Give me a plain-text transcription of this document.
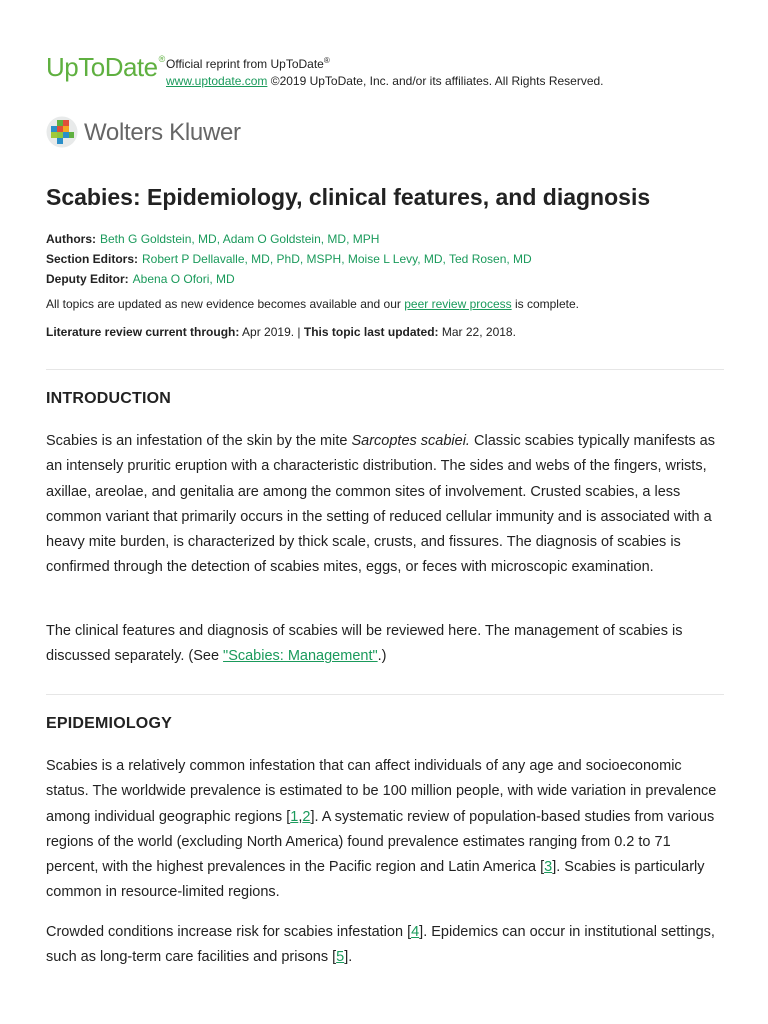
UpToDate® Official reprint from UpToDate®
www.uptodate.com ©2019 UpToDate, Inc. and/or its affiliates. All Rights Reserved.
Wolters Kluwer
Scabies: Epidemiology, clinical features, and diagnosis
Authors: Beth G Goldstein, MD, Adam O Goldstein, MD, MPH
Section Editors: Robert P Dellavalle, MD, PhD, MSPH, Moise L Levy, MD, Ted Rosen, MD
Deputy Editor: Abena O Ofori, MD
All topics are updated as new evidence becomes available and our peer review process is complete.
Literature review current through: Apr 2019. | This topic last updated: Mar 22, 2018.
INTRODUCTION

Scabies is an infestation of the skin by the mite Sarcoptes scabiei. Classic scabies typically manifests as an intensely pruritic eruption with a characteristic distribution. The sides and webs of the fingers, wrists, axillae, areolae, and genitalia are among the common sites of involvement. Crusted scabies, a less common variant that primarily occurs in the setting of reduced cellular immunity and is associated with a heavy mite burden, is characterized by thick scale, crusts, and fissures. The diagnosis of scabies is confirmed through the detection of scabies mites, eggs, or feces with microscopic examination.

The clinical features and diagnosis of scabies will be reviewed here. The management of scabies is discussed separately. (See "Scabies: Management".)

EPIDEMIOLOGY

Scabies is a relatively common infestation that can affect individuals of any age and socioeconomic status. The worldwide prevalence is estimated to be 100 million people, with wide variation in prevalence among individual geographic regions [1,2]. A systematic review of population-based studies from various regions of the world (excluding North America) found prevalence estimates ranging from 0.2 to 71 percent, with the highest prevalences in the Pacific region and Latin America [3]. Scabies is particularly common in resource-limited regions.

Crowded conditions increase risk for scabies infestation [4]. Epidemics can occur in institutional settings, such as long-term care facilities and prisons [5].
